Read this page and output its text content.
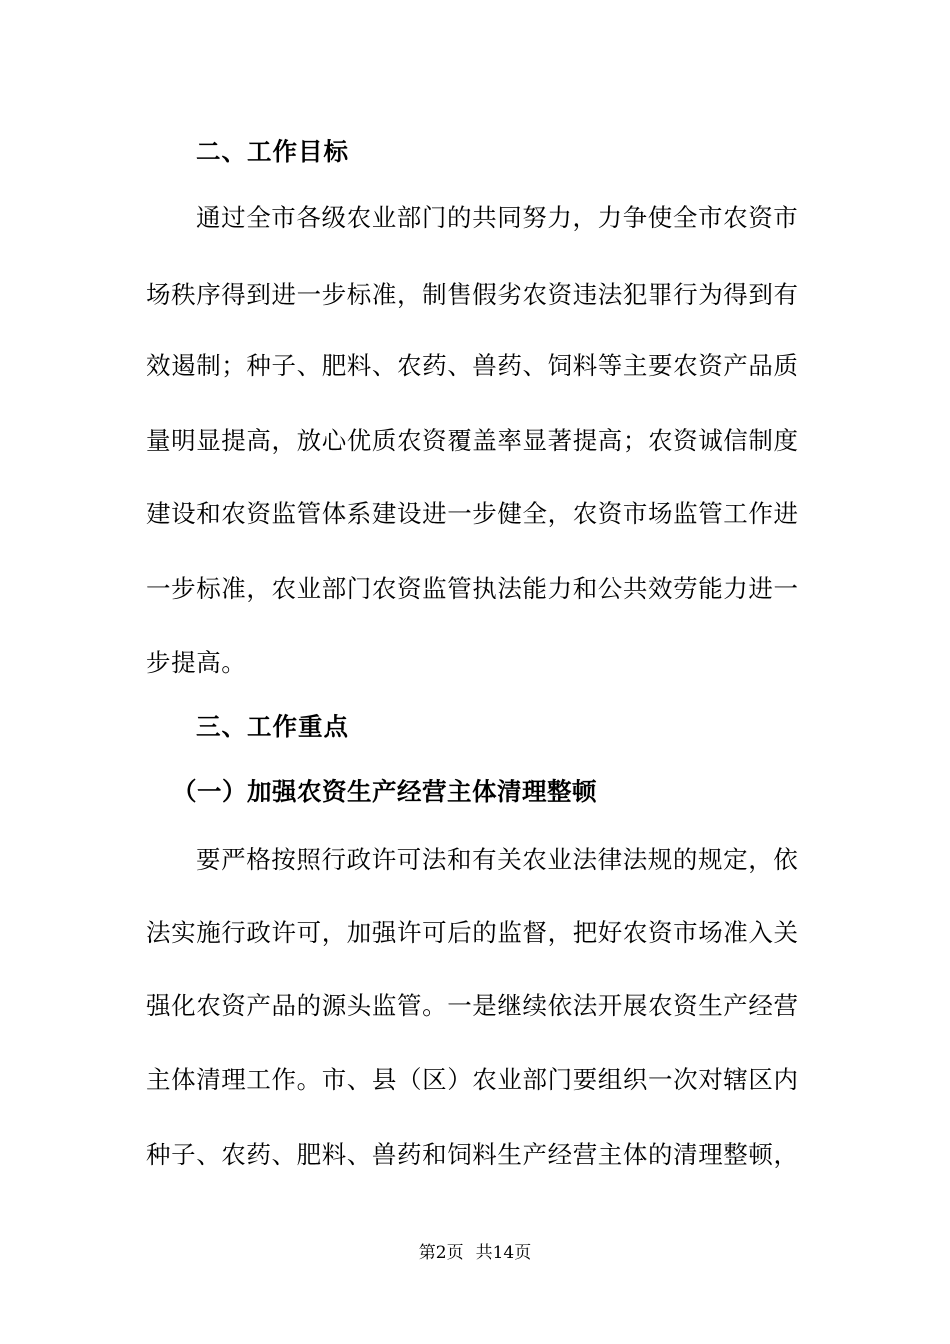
二、工作目标
通过全市各级农业部门的共同努力，力争使全市农资市
场秩序得到进一步标准，制售假劣农资违法犯罪行为得到有
效遏制；种子、肥料、农药、兽药、饲料等主要农资产品质
量明显提高，放心优质农资覆盖率显著提高；农资诚信制度
建设和农资监管体系建设进一步健全，农资市场监管工作进
一步标准，农业部门农资监管执法能力和公共效劳能力进一
步提高。
三、工作重点
（一）加强农资生产经营主体清理整顿
要严格按照行政许可法和有关农业法律法规的规定，依
法实施行政许可，加强许可后的监督，把好农资市场准入关
强化农资产品的源头监管。一是继续依法开展农资生产经营
主体清理工作。市、县（区）农业部门要组织一次对辖区内
种子、农药、肥料、兽药和饲料生产经营主体的清理整顿，
第2页 共14页
